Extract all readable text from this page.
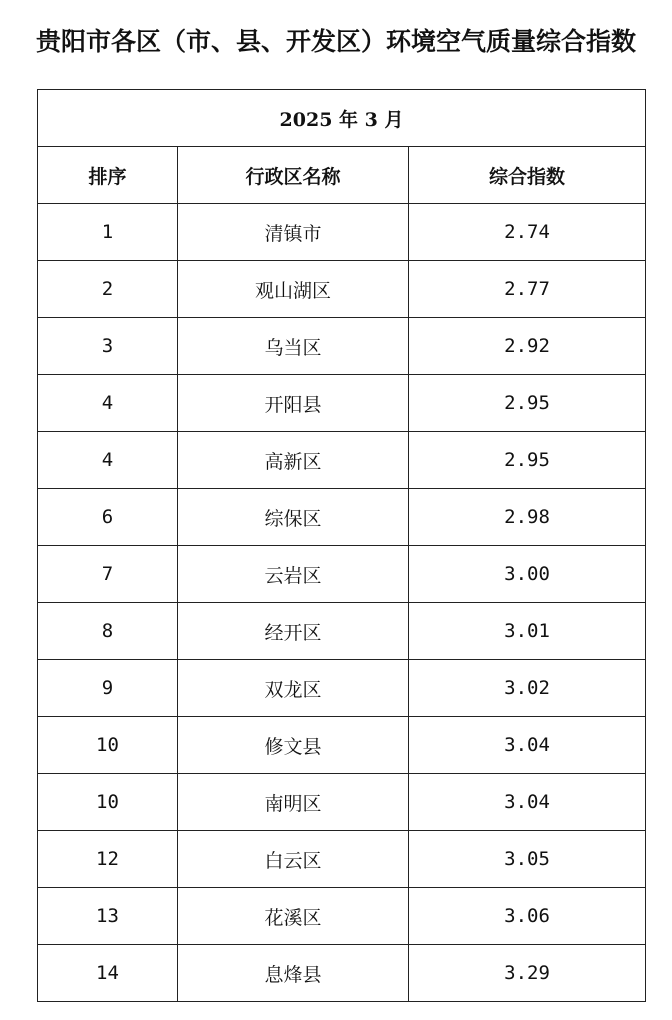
贵阳市各区（市、县、开发区）环境空气质量综合指数
2025 年 3 月		
排序	行政区名称	综合指数
1	清镇市	2.74
2	观山湖区	2.77
3	乌当区	2.92
4	开阳县	2.95
4	高新区	2.95
6	综保区	2.98
7	云岩区	3.00
8	经开区	3.01
9	双龙区	3.02
10	修文县	3.04
10	南明区	3.04
12	白云区	3.05
13	花溪区	3.06
14	息烽县	3.29
